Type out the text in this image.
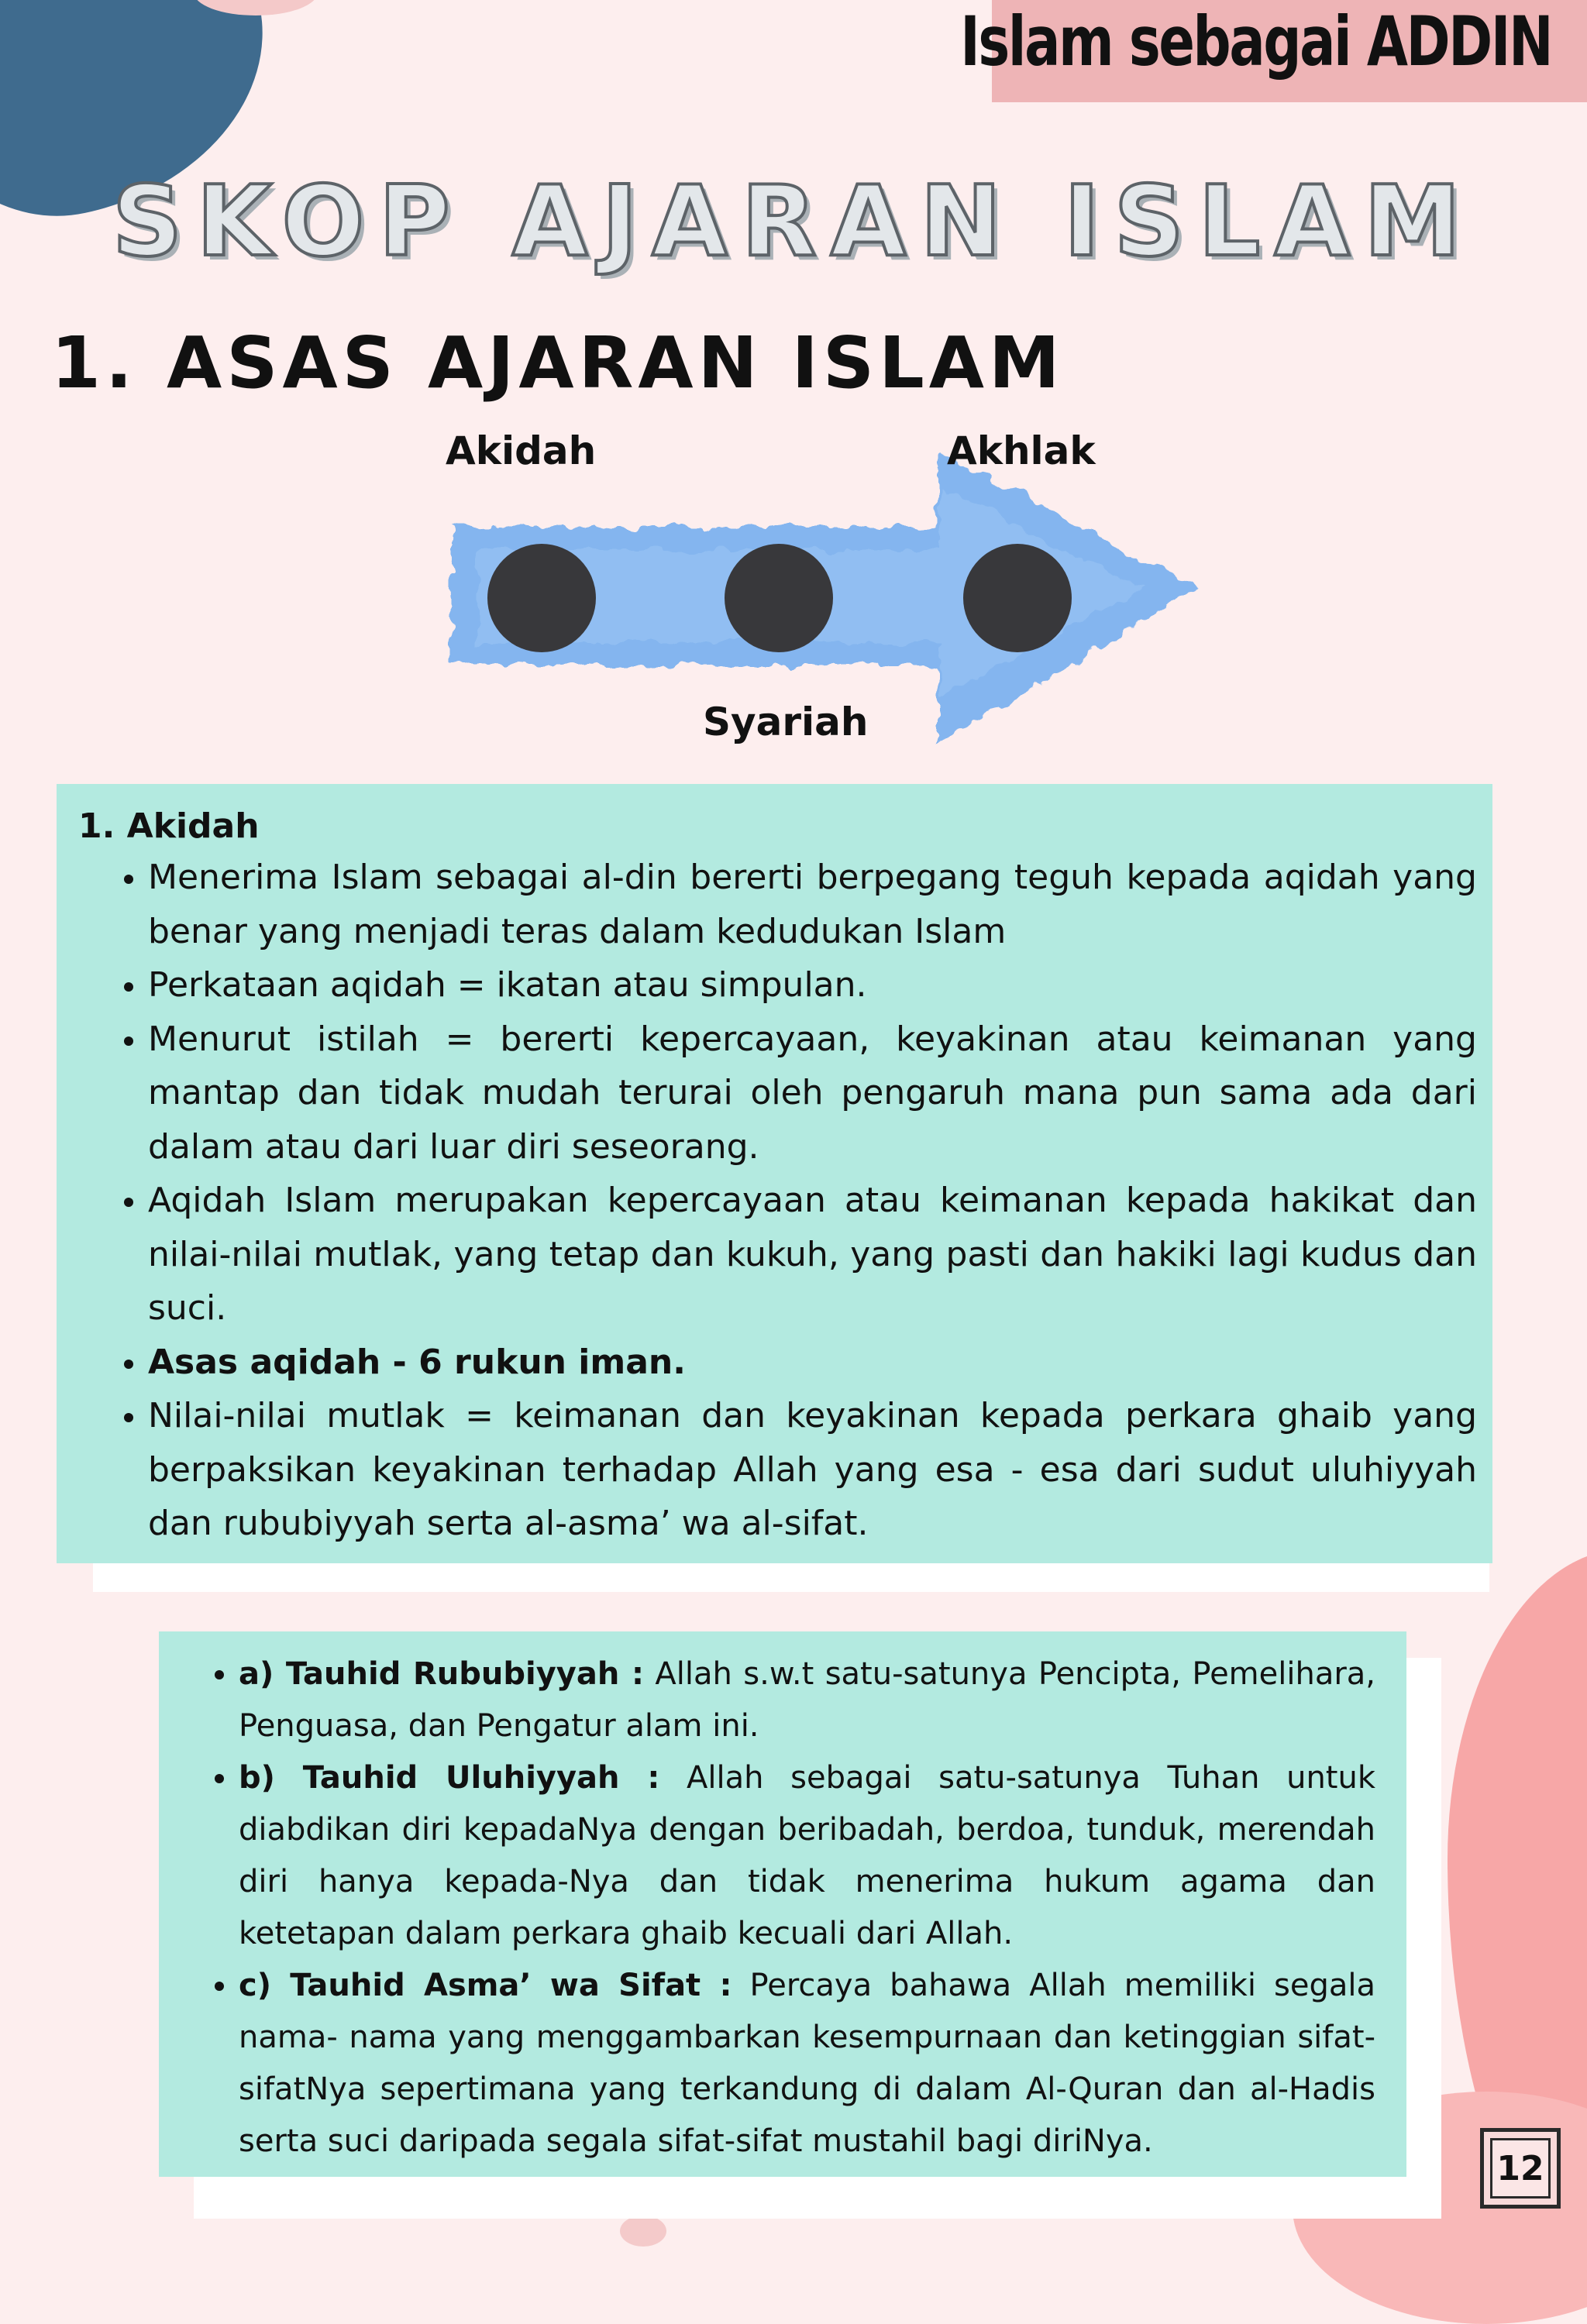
Islam sebagai ADDIN
SKOP AJARAN ISLAM
1. ASAS AJARAN ISLAM
Akidah	Akhlak
Syariah
1. Akidah
• Menerima Islam sebagai al-din bererti berpegang teguh kepada aqidah yang benar yang menjadi teras dalam kedudukan Islam
• Perkataan aqidah = ikatan atau simpulan.
• Menurut istilah = bererti kepercayaan, keyakinan atau keimanan yang mantap dan tidak mudah terurai oleh pengaruh mana pun sama ada dari dalam atau dari luar diri seseorang.
• Aqidah Islam merupakan kepercayaan atau keimanan kepada hakikat dan nilai-nilai mutlak, yang tetap dan kukuh, yang pasti dan hakiki lagi kudus dan suci.
• Asas aqidah - 6 rukun iman.
• Nilai-nilai mutlak = keimanan dan keyakinan kepada perkara ghaib yang berpaksikan keyakinan terhadap Allah yang esa - esa dari sudut uluhiyyah dan rububiyyah serta al-asma’ wa al-sifat.
• a) Tauhid Rububiyyah : Allah s.w.t satu-satunya Pencipta, Pemelihara, Penguasa, dan Pengatur alam ini.
• b) Tauhid Uluhiyyah : Allah sebagai satu-satunya Tuhan untuk diabdikan diri kepadaNya dengan beribadah, berdoa, tunduk, merendah diri hanya kepada-Nya dan tidak menerima hukum agama dan ketetapan dalam perkara ghaib kecuali dari Allah.
• c) Tauhid Asma’ wa Sifat : Percaya bahawa Allah memiliki segala nama- nama yang menggambarkan kesempurnaan dan ketinggian sifat-sifatNya sepertimana yang terkandung di dalam Al-Quran dan al-Hadis serta suci daripada segala sifat-sifat mustahil bagi diriNya.
12
